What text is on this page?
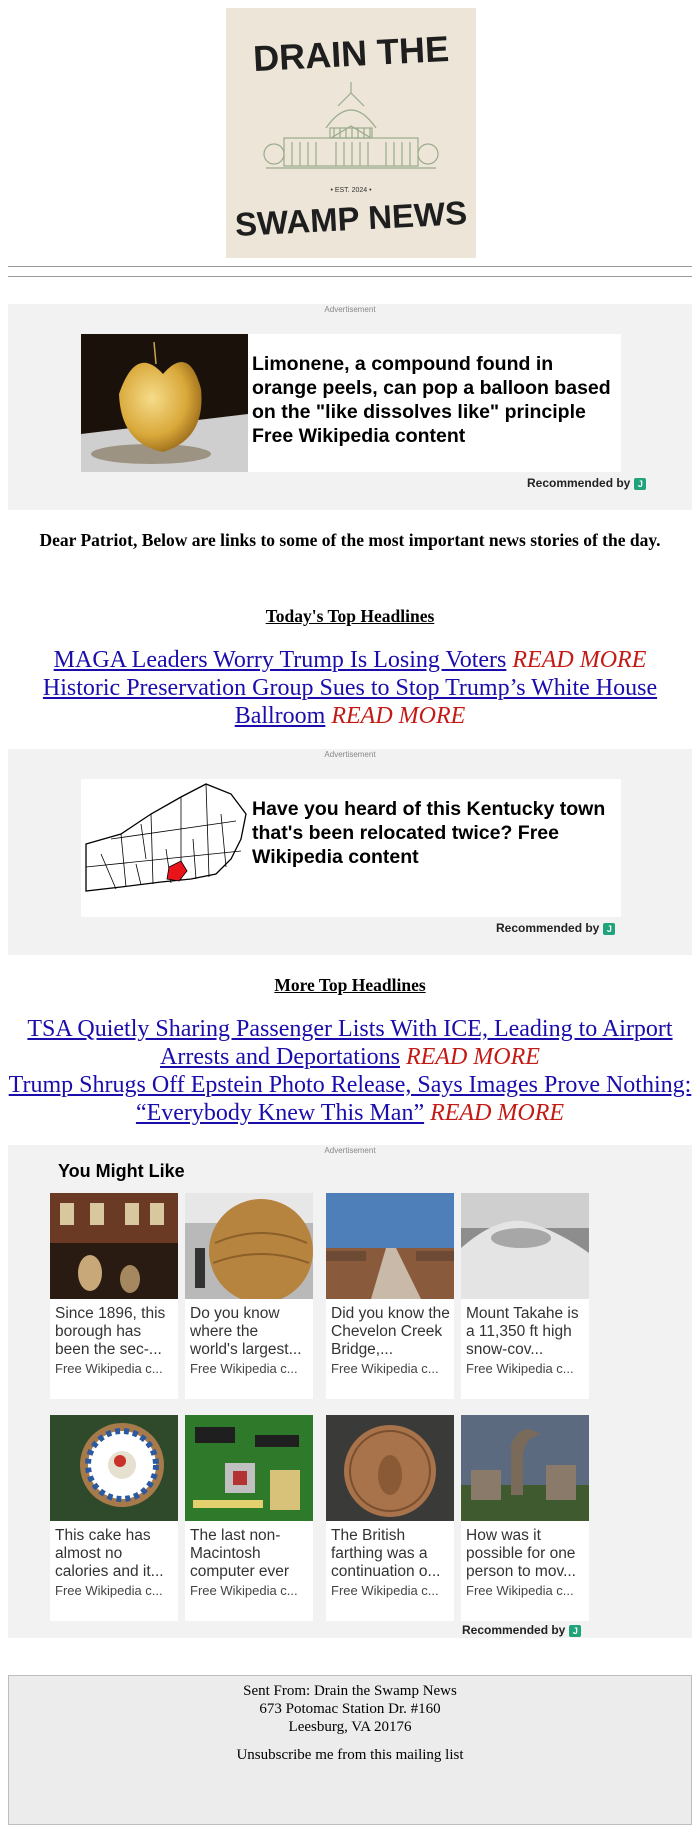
DRAIN THE
• EST. 2024 •
SWAMP NEWS
Advertisement
Limonene, a compound found in orange peels, can pop a balloon based on the "like dissolves like" principle Free Wikipedia content
Recommended by J
Dear Patriot, Below are links to some of the most important news stories of the day.
Today's Top Headlines
MAGA Leaders Worry Trump Is Losing Voters READ MORE
Historic Preservation Group Sues to Stop Trump’s White House Ballroom READ MORE
Advertisement
Have you heard of this Kentucky town that's been relocated twice? Free Wikipedia content
Recommended by J
More Top Headlines
TSA Quietly Sharing Passenger Lists With ICE, Leading to Airport Arrests and Deportations READ MORE
Trump Shrugs Off Epstein Photo Release, Says Images Prove Nothing: “Everybody Knew This Man” READ MORE
Advertisement
You Might Like
Since 1896, this borough has been the sec-...
Free Wikipedia c...
Do you know where the world's largest...
Free Wikipedia c...
Did you know the Chevelon Creek Bridge,...
Free Wikipedia c...
Mount Takahe is a 11,350 ft high snow-cov...
Free Wikipedia c...
This cake has almost no calories and it...
Free Wikipedia c...
The last non-Macintosh computer ever
Free Wikipedia c...
The British farthing was a continuation o...
Free Wikipedia c...
How was it possible for one person to mov...
Free Wikipedia c...
Recommended by J
Sent From: Drain the Swamp News
673 Potomac Station Dr. #160
Leesburg, VA 20176
Unsubscribe me from this mailing list
